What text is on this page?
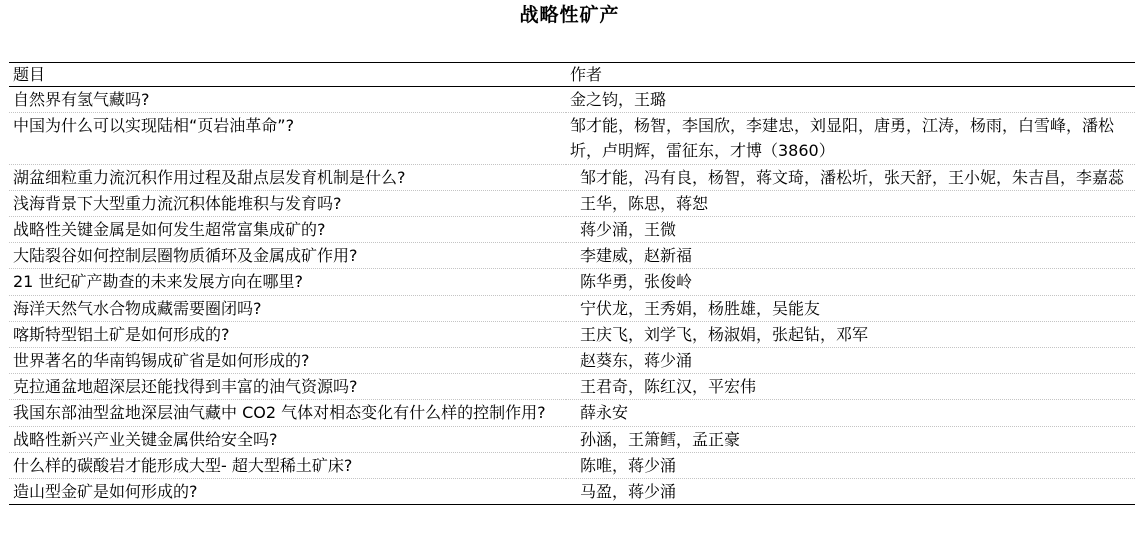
战略性矿产
题目	作者
自然界有氢气藏吗?	金之钧，王璐
中国为什么可以实现陆相“页岩油革命”?	邹才能，杨智，李国欣，李建忠，刘显阳，唐勇，江涛，杨雨，白雪峰，潘松圻，卢明辉，雷征东，才博（3860）
湖盆细粒重力流沉积作用过程及甜点层发育机制是什么?	邹才能，冯有良，杨智，蒋文琦，潘松圻，张天舒，王小妮，朱吉昌，李嘉蕊
浅海背景下大型重力流沉积体能堆积与发育吗?	王华，陈思，蒋恕
战略性关键金属是如何发生超常富集成矿的?	蒋少涌，王微
大陆裂谷如何控制层圈物质循环及金属成矿作用?	李建威，赵新福
21 世纪矿产勘查的未来发展方向在哪里?	陈华勇，张俊岭
海洋天然气水合物成藏需要圈闭吗?	宁伏龙，王秀娟，杨胜雄，吴能友
喀斯特型铝土矿是如何形成的?	王庆飞，刘学飞，杨淑娟，张起钻，邓军
世界著名的华南钨锡成矿省是如何形成的?	赵葵东，蒋少涌
克拉通盆地超深层还能找得到丰富的油气资源吗?	王君奇，陈红汉，平宏伟
我国东部油型盆地深层油气藏中 CO2 气体对相态变化有什么样的控制作用?	薛永安
战略性新兴产业关键金属供给安全吗?	孙涵，王箫鳕，孟正豪
什么样的碳酸岩才能形成大型- 超大型稀土矿床?	陈唯，蒋少涌
造山型金矿是如何形成的?	马盈，蒋少涌
